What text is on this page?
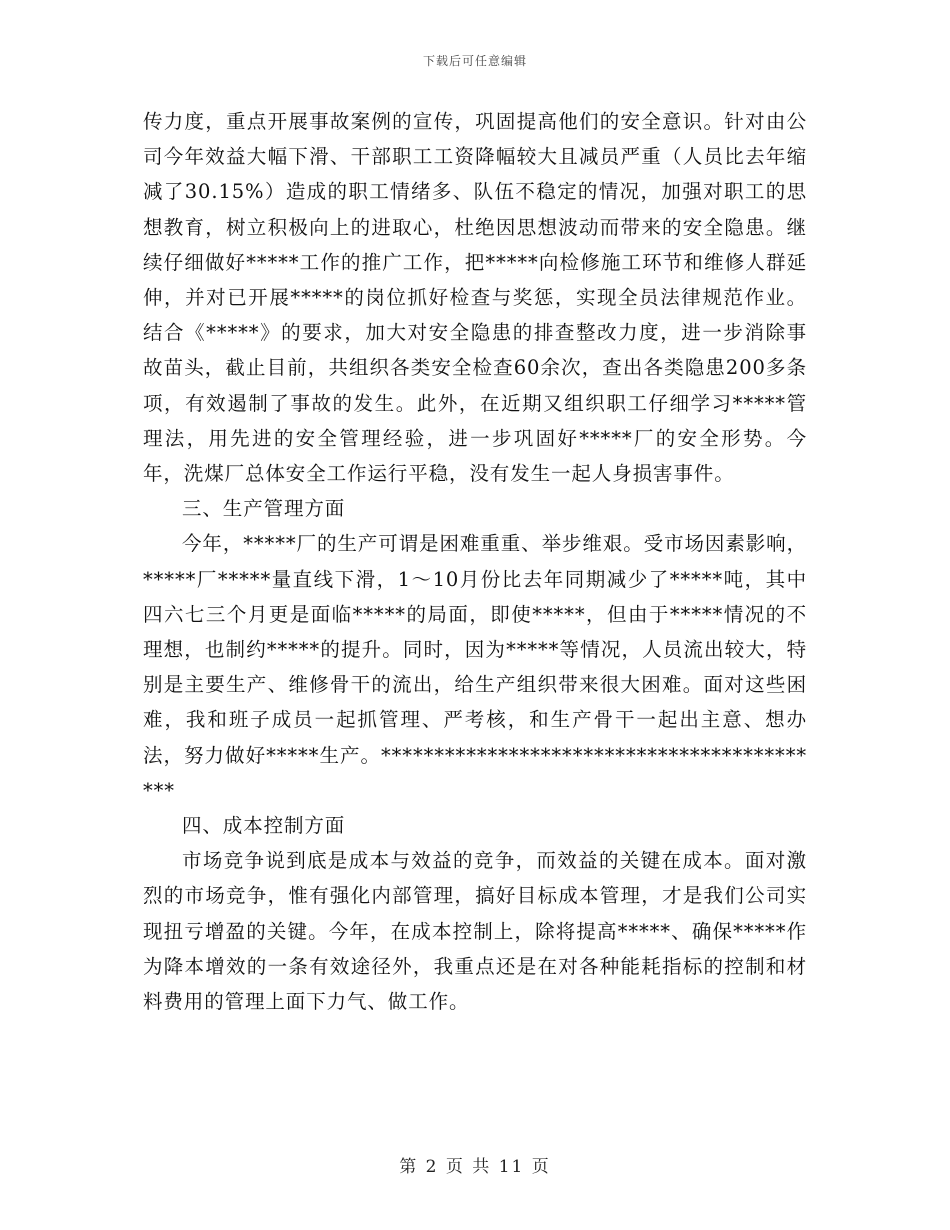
下载后可任意编辑

传力度，重点开展事故案例的宣传，巩固提高他们的安全意识。针对由公司今年效益大幅下滑、干部职工工资降幅较大且减员严重（人员比去年缩减了30.15%）造成的职工情绪多、队伍不稳定的情况，加强对职工的思想教育，树立积极向上的进取心，杜绝因思想波动而带来的安全隐患。继续仔细做好*****工作的推广工作，把*****向检修施工环节和维修人群延伸，并对已开展*****的岗位抓好检查与奖惩，实现全员法律规范作业。结合《*****》的要求，加大对安全隐患的排查整改力度，进一步消除事故苗头，截止目前，共组织各类安全检查60余次，查出各类隐患200多条项，有效遏制了事故的发生。此外，在近期又组织职工仔细学习*****管理法，用先进的安全管理经验，进一步巩固好*****厂的安全形势。今年，洗煤厂总体安全工作运行平稳，没有发生一起人身损害事件。

三、生产管理方面

今年，*****厂的生产可谓是困难重重、举步维艰。受市场因素影响，*****厂*****量直线下滑，1～10月份比去年同期减少了*****吨，其中四六七三个月更是面临*****的局面，即使*****，但由于*****情况的不理想，也制约*****的提升。同时，因为*****等情况，人员流出较大，特别是主要生产、维修骨干的流出，给生产组织带来很大困难。面对这些困难，我和班子成员一起抓管理、严考核，和生产骨干一起出主意、想办法，努力做好*****生产。*******************************************

四、成本控制方面

市场竞争说到底是成本与效益的竞争，而效益的关键在成本。面对激烈的市场竞争，惟有强化内部管理，搞好目标成本管理，才是我们公司实现扭亏增盈的关键。今年，在成本控制上，除将提高*****、确保*****作为降本增效的一条有效途径外，我重点还是在对各种能耗指标的控制和材料费用的管理上面下力气、做工作。

第 2 页 共 11 页
